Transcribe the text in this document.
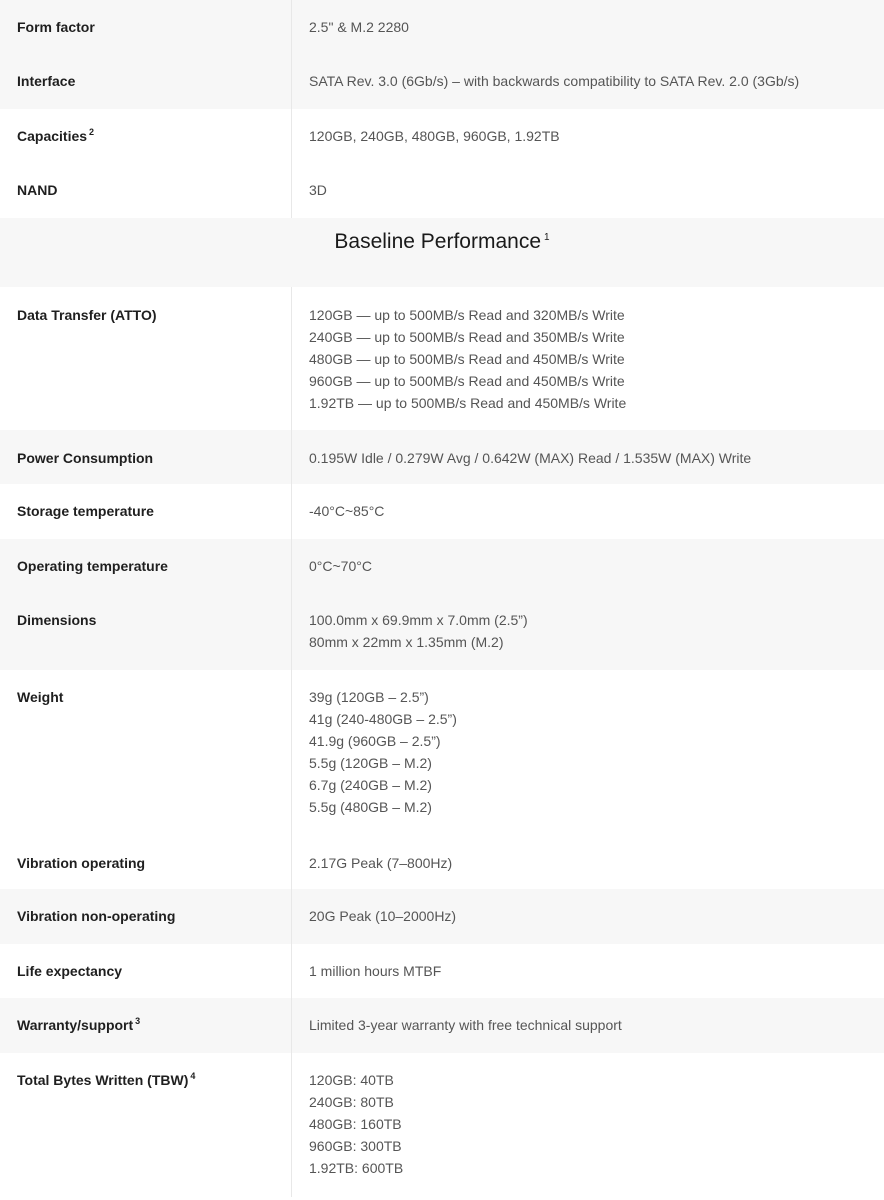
Form factor	2.5" & M.2 2280
Interface	SATA Rev. 3.0 (6Gb/s) – with backwards compatibility to SATA Rev. 2.0 (3Gb/s)
Capacities $^2$	120GB, 240GB, 480GB, 960GB, 1.92TB
NAND	3D
Baseline Performance $^1$
Data Transfer (ATTO)	120GB — up to 500MB/s Read and 320MB/s Write
240GB — up to 500MB/s Read and 350MB/s Write
480GB — up to 500MB/s Read and 450MB/s Write
960GB — up to 500MB/s Read and 450MB/s Write
1.92TB — up to 500MB/s Read and 450MB/s Write
Power Consumption	0.195W Idle / 0.279W Avg / 0.642W (MAX) Read / 1.535W (MAX) Write
Storage temperature	-40°C~85°C
Operating temperature	0°C~70°C
Dimensions	100.0mm x 69.9mm x 7.0mm (2.5”)
80mm x 22mm x 1.35mm (M.2)
Weight	39g (120GB – 2.5”)
41g (240-480GB – 2.5”)
41.9g (960GB – 2.5”)
5.5g (120GB – M.2)
6.7g (240GB – M.2)
5.5g (480GB – M.2)
Vibration operating	2.17G Peak (7–800Hz)
Vibration non-operating	20G Peak (10–2000Hz)
Life expectancy	1 million hours MTBF
Warranty/support $^3$	Limited 3-year warranty with free technical support
Total Bytes Written (TBW) $^4$	120GB: 40TB
240GB: 80TB
480GB: 160TB
960GB: 300TB
1.92TB: 600TB
